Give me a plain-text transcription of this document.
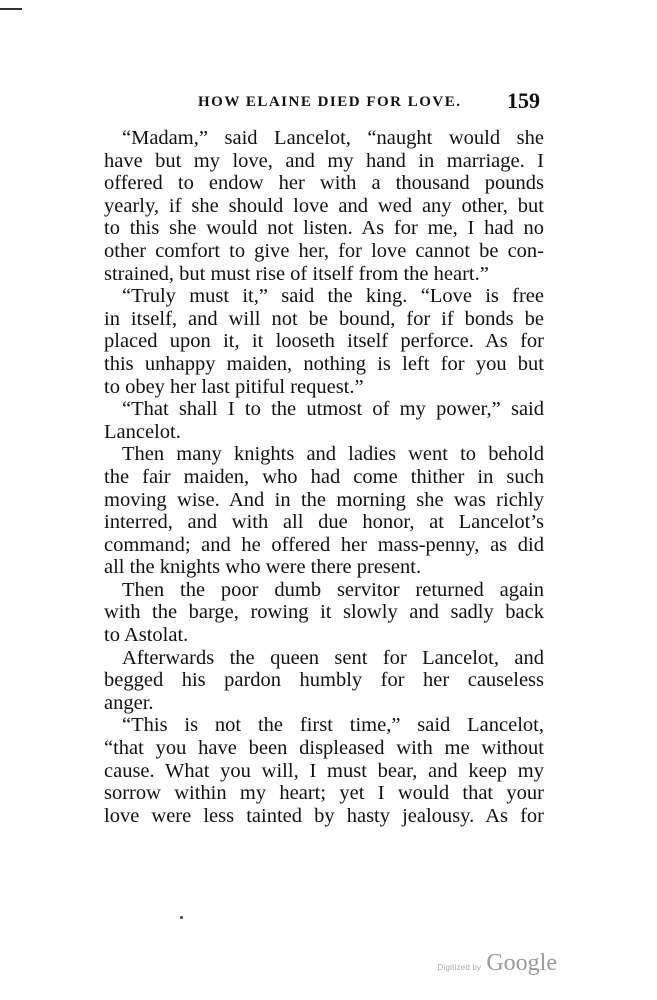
HOW ELAINE DIED FOR LOVE. 159
“Madam,” said Lancelot, “naught would she
have but my love, and my hand in marriage. I
offered to endow her with a thousand pounds
yearly, if she should love and wed any other, but
to this she would not listen. As for me, I had no
other comfort to give her, for love cannot be con-
strained, but must rise of itself from the heart.”
“Truly must it,” said the king. “Love is free
in itself, and will not be bound, for if bonds be
placed upon it, it looseth itself perforce. As for
this unhappy maiden, nothing is left for you but
to obey her last pitiful request.”
“That shall I to the utmost of my power,” said
Lancelot.
Then many knights and ladies went to behold
the fair maiden, who had come thither in such
moving wise. And in the morning she was richly
interred, and with all due honor, at Lancelot’s
command; and he offered her mass-penny, as did
all the knights who were there present.
Then the poor dumb servitor returned again
with the barge, rowing it slowly and sadly back
to Astolat.
Afterwards the queen sent for Lancelot, and
begged his pardon humbly for her causeless
anger.
“This is not the first time,” said Lancelot,
“that you have been displeased with me without
cause. What you will, I must bear, and keep my
sorrow within my heart; yet I would that your
love were less tainted by hasty jealousy. As for
Digitized by Google
